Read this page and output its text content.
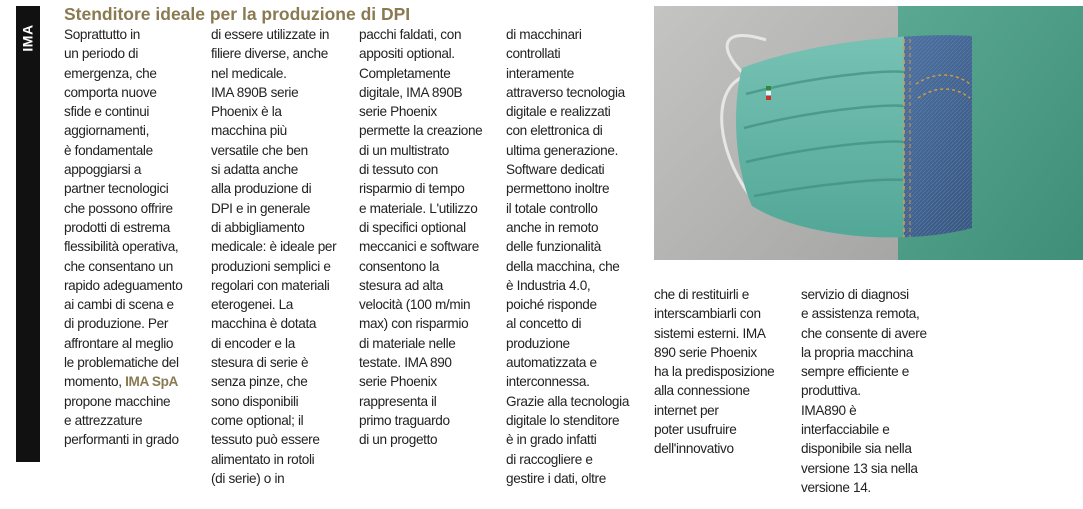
IMA
Stenditore ideale per la produzione di DPI
Soprattutto in
un periodo di
emergenza, che
comporta nuove
sfide e continui
aggiornamenti,
è fondamentale
appoggiarsi a
partner tecnologici
che possono offrire
prodotti di estrema
flessibilità operativa,
che consentano un
rapido adeguamento
ai cambi di scena e
di produzione. Per
affrontare al meglio
le problematiche del
momento, IMA SpA
propone macchine
e attrezzature
performanti in grado
di essere utilizzate in
filiere diverse, anche
nel medicale.
IMA 890B serie
Phoenix è la
macchina più
versatile che ben
si adatta anche
alla produzione di
DPI e in generale
di abbigliamento
medicale: è ideale per
produzioni semplici e
regolari con materiali
eterogenei. La
macchina è dotata
di encoder e la
stesura di serie è
senza pinze, che
sono disponibili
come optional; il
tessuto può essere
alimentato in rotoli
(di serie) o in
pacchi faldati, con
appositi optional.
Completamente
digitale, IMA 890B
serie Phoenix
permette la creazione
di un multistrato
di tessuto con
risparmio di tempo
e materiale. L'utilizzo
di specifici optional
meccanici e software
consentono la
stesura ad alta
velocità (100 m/min
max) con risparmio
di materiale nelle
testate. IMA 890
serie Phoenix
rappresenta il
primo traguardo
di un progetto
di macchinari
controllati
interamente
attraverso tecnologia
digitale e realizzati
con elettronica di
ultima generazione.
Software dedicati
permettono inoltre
il totale controllo
anche in remoto
delle funzionalità
della macchina, che
è Industria 4.0,
poiché risponde
al concetto di
produzione
automatizzata e
interconnessa.
Grazie alla tecnologia
digitale lo stenditore
è in grado infatti
di raccogliere e
gestire i dati, oltre
che di restituirli e
interscambiarli con
sistemi esterni. IMA
890 serie Phoenix
ha la predisposizione
alla connessione
internet per
poter usufruire
dell'innovativo
servizio di diagnosi
e assistenza remota,
che consente di avere
la propria macchina
sempre efficiente e
produttiva.
IMA890 è
interfacciabile e
disponibile sia nella
versione 13 sia nella
versione 14.
